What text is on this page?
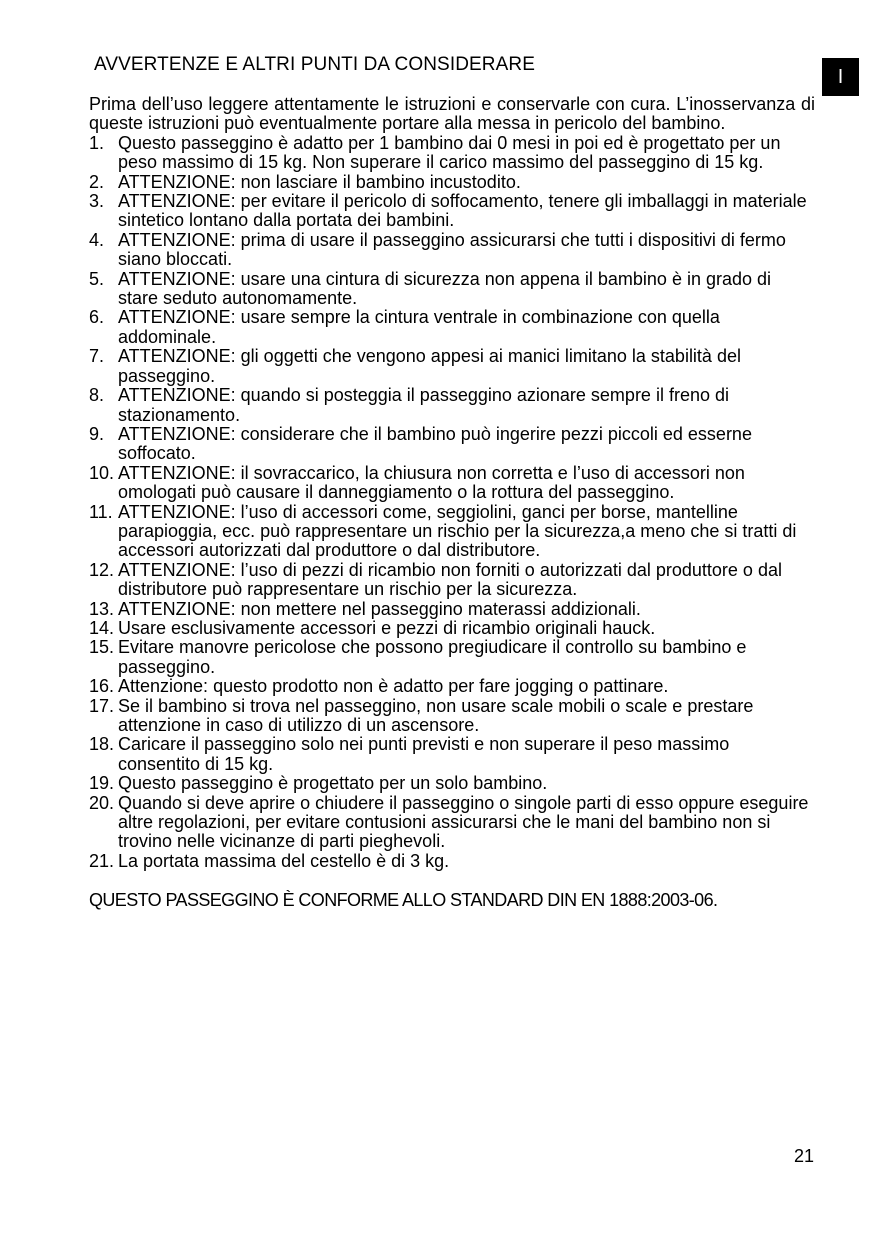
AVVERTENZE E ALTRI PUNTI DA CONSIDERARE
I

Prima dell’uso leggere attentamente le istruzioni e conservarle con cura. L’inosservanza di queste istruzioni può eventualmente portare alla messa in pericolo del bambino.

1. Questo passeggino è adatto per 1 bambino dai 0 mesi in poi ed è progettato per un peso massimo di 15 kg. Non superare il carico massimo del passeggino di 15 kg.
2. ATTENZIONE: non lasciare il bambino incustodito.
3. ATTENZIONE: per evitare il pericolo di soffocamento, tenere gli imballaggi in materiale sintetico lontano dalla portata dei bambini.
4. ATTENZIONE: prima di usare il passeggino assicurarsi che tutti i dispositivi di fermo siano bloccati.
5. ATTENZIONE: usare una cintura di sicurezza non appena il bambino è in grado di stare seduto autonomamente.
6. ATTENZIONE: usare sempre la cintura ventrale in combinazione con quella addominale.
7. ATTENZIONE: gli oggetti che vengono appesi ai manici limitano la stabilità del passeggino.
8. ATTENZIONE: quando si posteggia il passeggino azionare sempre il freno di stazionamento.
9. ATTENZIONE: considerare che il bambino può ingerire pezzi piccoli ed esserne soffocato.
10. ATTENZIONE: il sovraccarico, la chiusura non corretta e l’uso di accessori non omologati può causare il danneggiamento o la rottura del passeggino.
11. ATTENZIONE: l’uso di accessori come, seggiolini, ganci per borse, mantelline parapioggia, ecc. può rappresentare un rischio per la sicurezza,a meno che si tratti di accessori autorizzati dal produttore o dal distributore.
12. ATTENZIONE: l’uso di pezzi di ricambio non forniti o autorizzati dal produttore o dal distributore può rappresentare un rischio per la sicurezza.
13. ATTENZIONE: non mettere nel passeggino materassi addizionali.
14. Usare esclusivamente accessori e pezzi di ricambio originali hauck.
15. Evitare manovre pericolose che possono pregiudicare il controllo su bambino e passeggino.
16. Attenzione: questo prodotto non è adatto per fare jogging o pattinare.
17. Se il bambino si trova nel passeggino, non usare scale mobili o scale e prestare attenzione in caso di utilizzo di un ascensore.
18. Caricare il passeggino solo nei punti previsti e non superare il peso massimo consentito di 15 kg.
19. Questo passeggino è progettato per un solo bambino.
20. Quando si deve aprire o chiudere il passeggino o singole parti di esso oppure eseguire altre regolazioni, per evitare contusioni assicurarsi che le mani del bambino non si trovino nelle vicinanze di parti pieghevoli.
21. La portata massima del cestello è di 3 kg.
QUESTO PASSEGGINO È CONFORME ALLO STANDARD DIN EN 1888:2003-06.
21
